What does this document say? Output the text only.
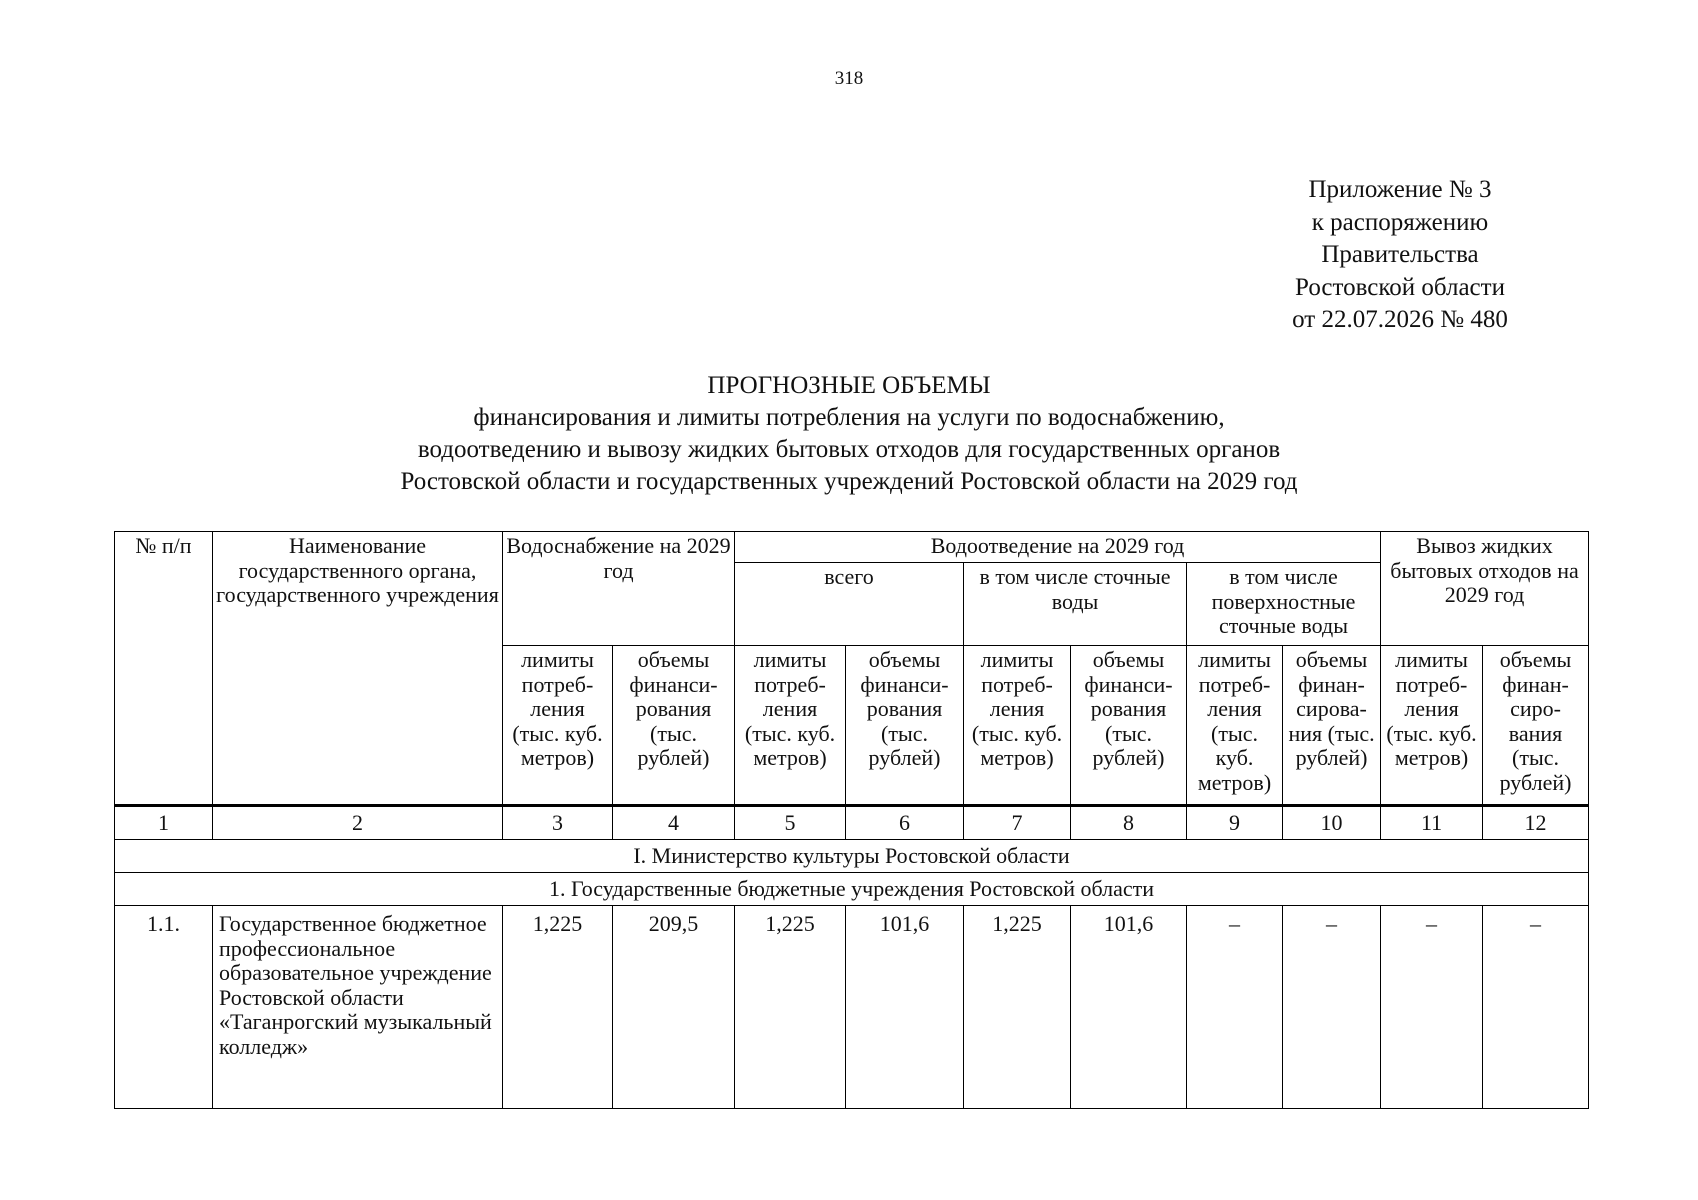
318
Приложение № 3
к распоряжению
Правительства
Ростовской области
от 22.07.2026 № 480
ПРОГНОЗНЫЕ ОБЪЕМЫ
финансирования и лимиты потребления на услуги по водоснабжению,
водоотведению и вывозу жидких бытовых отходов для государственных органов
Ростовской области и государственных учреждений Ростовской области на 2029 год
№ п/п	Наименование государственного органа, государственного учреждения	Водоснабжение на 2029 год		Водоотведение на 2029 год						Вывоз жидких бытовых отходов на 2029 год	
				всего		в том числе сточные воды		в том числе поверхностные сточные воды			
		лимиты потреб-ления (тыс. куб. метров)	объемы финанси-рования (тыс. рублей)	лимиты потреб-ления (тыс. куб. метров)	объемы финанси-рования (тыс. рублей)	лимиты потреб-ления (тыс. куб. метров)	объемы финанси-рования (тыс. рублей)	лимиты потреб-ления (тыс. куб. метров)	объемы финан-сирова-ния (тыс. рублей)	лимиты потреб-ления (тыс. куб. метров)	объемы финан-сиро-вания (тыс. рублей)
1	2	3	4	5	6	7	8	9	10	11	12
I. Министерство культуры Ростовской области											
1. Государственные бюджетные учреждения Ростовской области											
1.1.	Государственное бюджетное профессиональное образовательное учреждение Ростовской области «Таганрогский музыкальный колледж»	1,225	209,5	1,225	101,6	1,225	101,6	–	–	–	–
